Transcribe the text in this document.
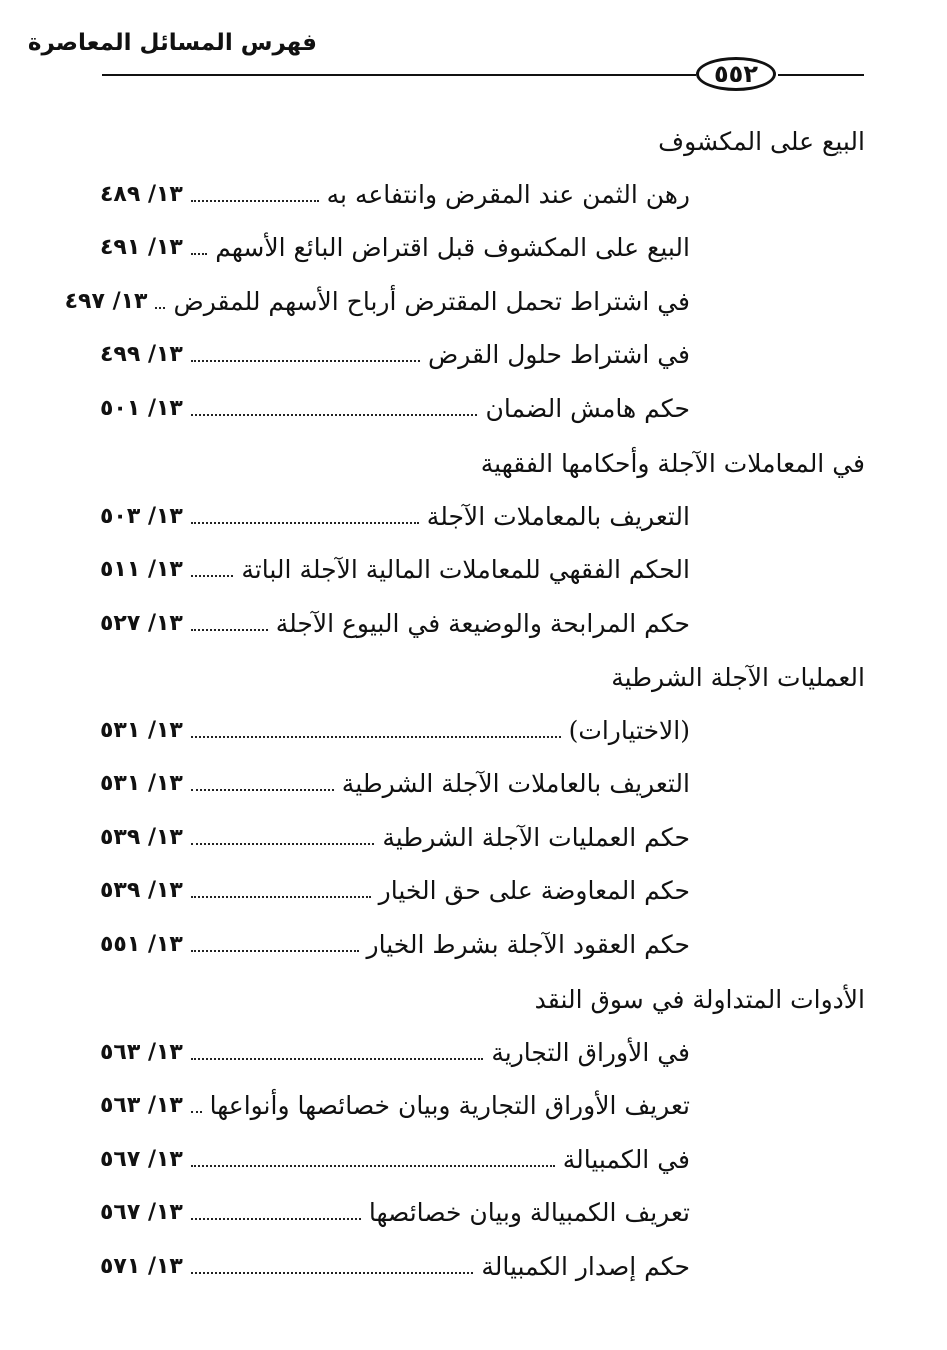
فهرس المسائل المعاصرة
٥٥٢
البيع على المكشوف
رهن الثمن عند المقرض وانتفاعه به
١٣/ ٤٨٩
البيع على المكشوف قبل اقتراض البائع الأسهم
١٣/ ٤٩١
في اشتراط تحمل المقترض أرباح الأسهم للمقرض
١٣/ ٤٩٧
في اشتراط حلول القرض
١٣/ ٤٩٩
حكم هامش الضمان
١٣/ ٥٠١
في المعاملات الآجلة وأحكامها الفقهية
التعريف بالمعاملات الآجلة
١٣/ ٥٠٣
الحكم الفقهي للمعاملات المالية الآجلة الباتة
١٣/ ٥١١
حكم المرابحة والوضيعة في البيوع الآجلة
١٣/ ٥٢٧
العمليات الآجلة الشرطية
(الاختيارات)
١٣/ ٥٣١
التعريف بالعاملات الآجلة الشرطية
١٣/ ٥٣١
حكم العمليات الآجلة الشرطية
١٣/ ٥٣٩
حكم المعاوضة على حق الخيار
١٣/ ٥٣٩
حكم العقود الآجلة بشرط الخيار
١٣/ ٥٥١
الأدوات المتداولة في سوق النقد
في الأوراق التجارية
١٣/ ٥٦٣
تعريف الأوراق التجارية وبيان خصائصها وأنواعها
١٣/ ٥٦٣
في الكمبيالة
١٣/ ٥٦٧
تعريف الكمبيالة وبيان خصائصها
١٣/ ٥٦٧
حكم إصدار الكمبيالة
١٣/ ٥٧١
